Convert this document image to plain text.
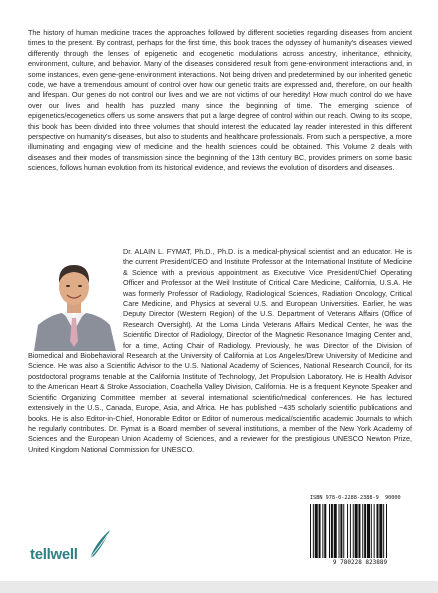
The history of human medicine traces the approaches followed by different societies regarding diseases from ancient times to the present. By contrast, perhaps for the first time, this book traces the odyssey of humanity's diseases viewed differently through the lenses of epigenetic and ecogenetic modulations across ancestry, inheritance, ethnicity, environment, culture, and behavior. Many of the diseases considered result from gene-environment interactions and, in some instances, even gene-gene-environment interactions. Not being driven and predetermined by our inherited genetic code, we have a tremendous amount of control over how our genetic traits are expressed and, therefore, on our health and lifespan. Our genes do not control our lives and we are not victims of our heredity! How much control do we have over our lives and health has puzzled many since the beginning of time. The emerging science of epigenetics/ecogenetics offers us some answers that put a large degree of control within our reach. Owing to its scope, this book has been divided into three volumes that should interest the educated lay reader interested in this different perspective on humanity's diseases, but also to students and healthcare professionals. From such a perspective, a more illuminating and engaging view of medicine and the health sciences could be obtained. This Volume 2 deals with diseases and their modes of transmission since the beginning of the 13th century BC, provides primers on some basic sciences, follows human evolution from its historical evidence, and reviews the evolution of disorders and diseases.

Dr. ALAIN L. FYMAT, Ph.D., Ph.D. is a medical-physical scientist and an educator. He is the current President/CEO and Institute Professor at the International Institute of Medicine & Science with a previous appointment as Executive Vice President/Chief Operating Officer and Professor at the Weil Institute of Critical Care Medicine, California, U.S.A. He was formerly Professor of Radiology, Radiological Sciences, Radiation Oncology, Critical Care Medicine, and Physics at several U.S. and European Universities. Earlier, he was Deputy Director (Western Region) of the U.S. Department of Veterans Affairs (Office of Research Oversight). At the Loma Linda Veterans Affairs Medical Center, he was the Scientific Director of Radiology, Director of the Magnetic Resonance Imaging Center and, for a time, Acting Chair of Radiology. Previously, he was Director of the Division of Biomedical and Biobehavioral Research at the University of California at Los Angeles/Drew University of Medicine and Science. He was also a Scientific Advisor to the U.S. National Academy of Sciences, National Research Council, for its postdoctoral programs tenable at the California Institute of Technology, Jet Propulsion Laboratory. He is Health Advisor to the American Heart & Stroke Association, Coachella Valley Division, California. He is a frequent Keynote Speaker and Scientific Organizing Committee member at several international scientific/medical conferences. He has lectured extensively in the U.S., Canada, Europe, Asia, and Africa. He has published ~435 scholarly scientific publications and books. He is also Editor-in-Chief, Honorable Editor or Editor of numerous medical/scientific academic Journals to which he regularly contributes. Dr. Fymat is a Board member of several institutions, a member of the New York Academy of Sciences and the European Union Academy of Sciences, and a reviewer for the prestigious UNESCO Newton Prize, United Kingdom National Commission for UNESCO.

tellwell
ISBN 978-0-2288-2388-9 90000
9 780228 823889
